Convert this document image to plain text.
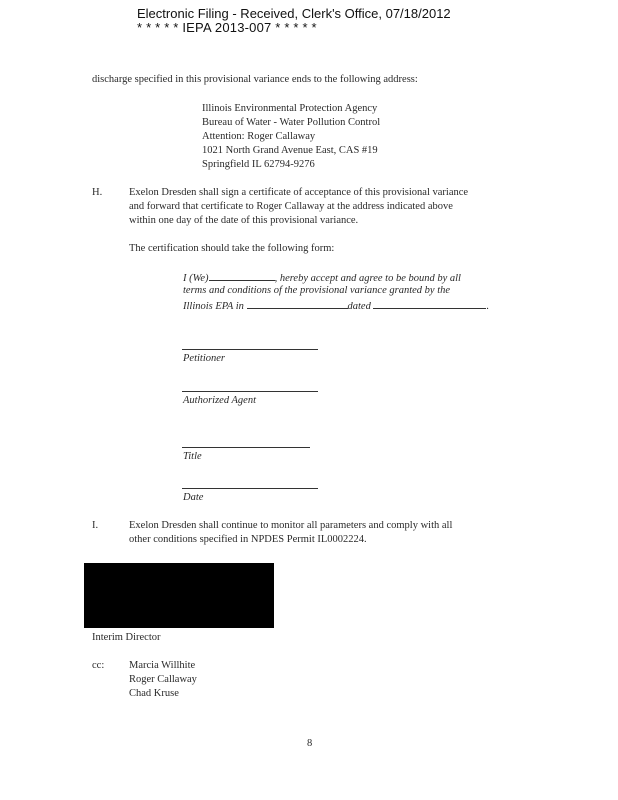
Electronic Filing - Received, Clerk's Office, 07/18/2012
* * * * * IEPA 2013-007 * * * * *
discharge specified in this provisional variance ends to the following address:
Illinois Environmental Protection Agency
Bureau of Water - Water Pollution Control
Attention: Roger Callaway
1021 North Grand Avenue East, CAS #19
Springfield IL 62794-9276
H.	Exelon Dresden shall sign a certificate of acceptance of this provisional variance
and forward that certificate to Roger Callaway at the address indicated above
within one day of the date of this provisional variance.
The certification should take the following form:
I (We)	, hereby accept and agree to be bound by all
terms and conditions of the provisional variance granted by the
Illinois EPA in	dated	.
Petitioner
Authorized Agent
Title
Date
I.	Exelon Dresden shall continue to monitor all parameters and comply with all
other conditions specified in NPDES Permit IL0002224.
Interim Director
cc: Marcia Willhite
Roger Callaway
Chad Kruse
8
